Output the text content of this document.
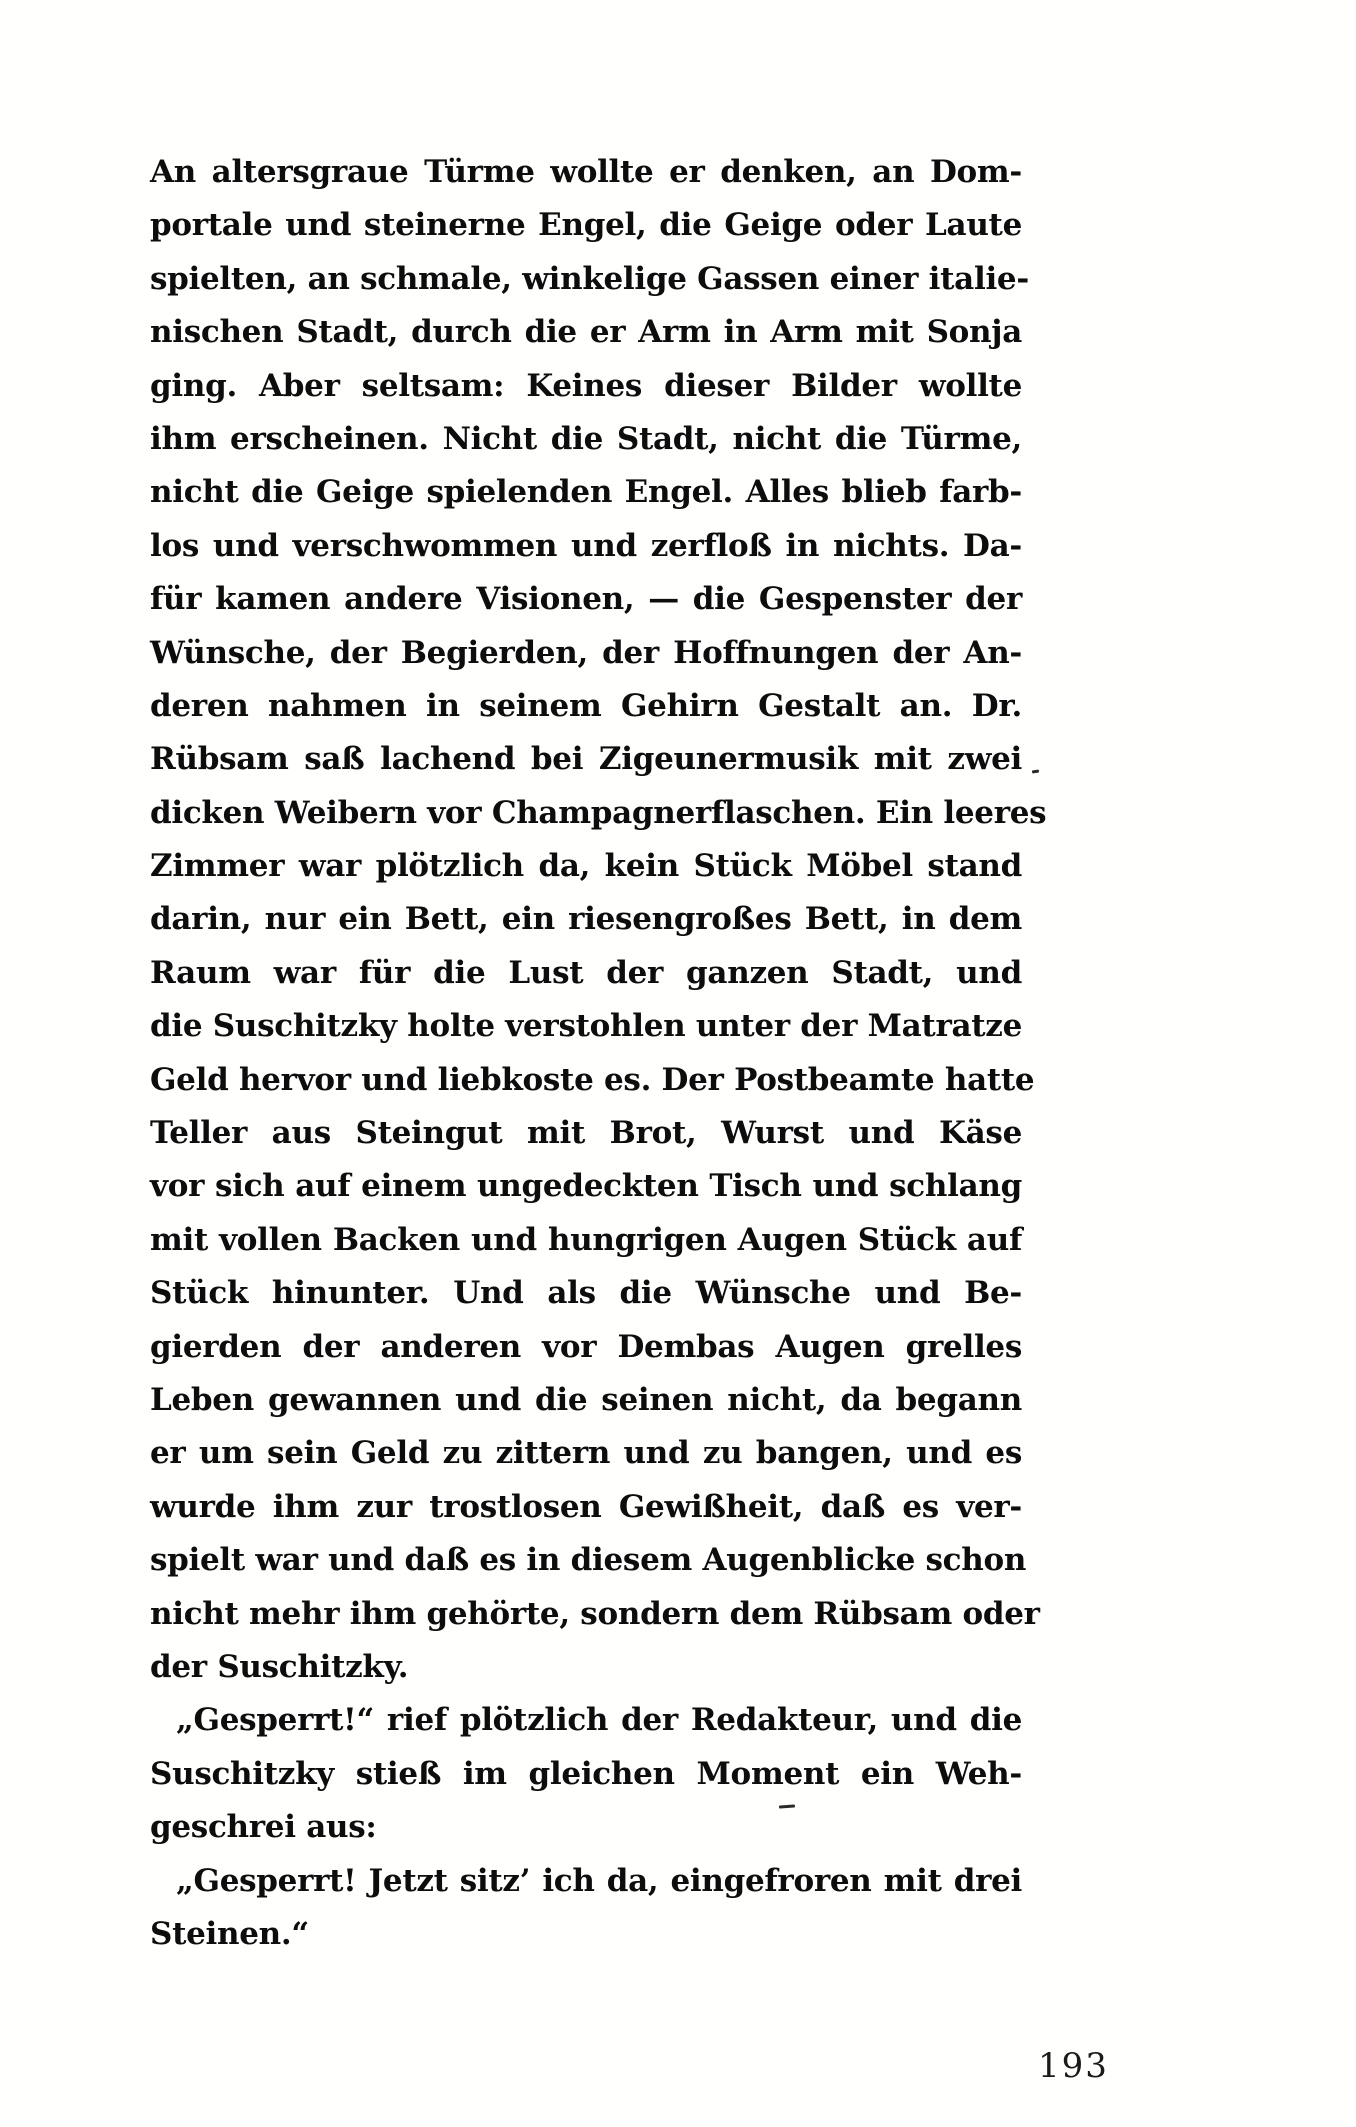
An altersgraue Türme wollte er denken, an Dom-
portale und steinerne Engel, die Geige oder Laute
spielten, an schmale, winkelige Gassen einer italie-
nischen Stadt, durch die er Arm in Arm mit Sonja
ging. Aber seltsam: Keines dieser Bilder wollte
ihm erscheinen. Nicht die Stadt, nicht die Türme,
nicht die Geige spielenden Engel. Alles blieb farb-
los und verschwommen und zerfloß in nichts. Da-
für kamen andere Visionen, — die Gespenster der
Wünsche, der Begierden, der Hoffnungen der An-
deren nahmen in seinem Gehirn Gestalt an. Dr.
Rübsam saß lachend bei Zigeunermusik mit zwei
dicken Weibern vor Champagnerflaschen. Ein leeres
Zimmer war plötzlich da, kein Stück Möbel stand
darin, nur ein Bett, ein riesengroßes Bett, in dem
Raum war für die Lust der ganzen Stadt, und
die Suschitzky holte verstohlen unter der Matratze
Geld hervor und liebkoste es. Der Postbeamte hatte
Teller aus Steingut mit Brot, Wurst und Käse
vor sich auf einem ungedeckten Tisch und schlang
mit vollen Backen und hungrigen Augen Stück auf
Stück hinunter. Und als die Wünsche und Be-
gierden der anderen vor Dembas Augen grelles
Leben gewannen und die seinen nicht, da begann
er um sein Geld zu zittern und zu bangen, und es
wurde ihm zur trostlosen Gewißheit, daß es ver-
spielt war und daß es in diesem Augenblicke schon
nicht mehr ihm gehörte, sondern dem Rübsam oder
der Suschitzky.
„Gesperrt!“ rief plötzlich der Redakteur, und die
Suschitzky stieß im gleichen Moment ein Weh-
geschrei aus:
„Gesperrt! Jetzt sitz’ ich da, eingefroren mit drei
Steinen.“
193
